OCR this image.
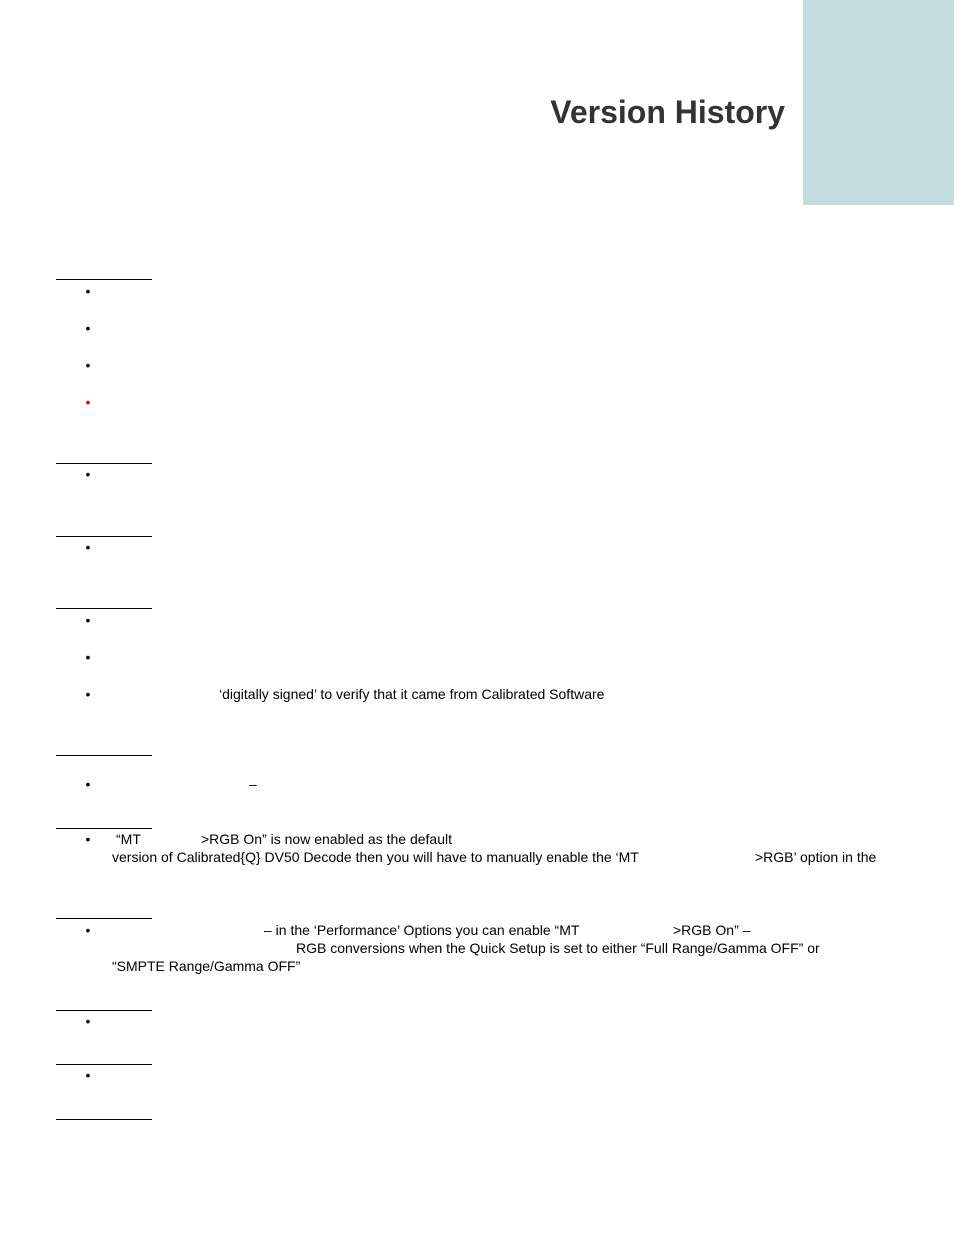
Version History
•
•
•
•
•
•
•
•
•	‘digitally signed’ to verify that it came from Calibrated Software
•	–
• “MT	>RGB On” is now enabled as the default
version of Calibrated{Q} DV50 Decode then you will have to manually enable the ‘MT	>RGB’ option in the
•	– in the ‘Performance’ Options you can enable “MT	>RGB On” –
RGB conversions when the Quick Setup is set to either “Full Range/Gamma OFF” or
“SMPTE Range/Gamma OFF”
•
•
